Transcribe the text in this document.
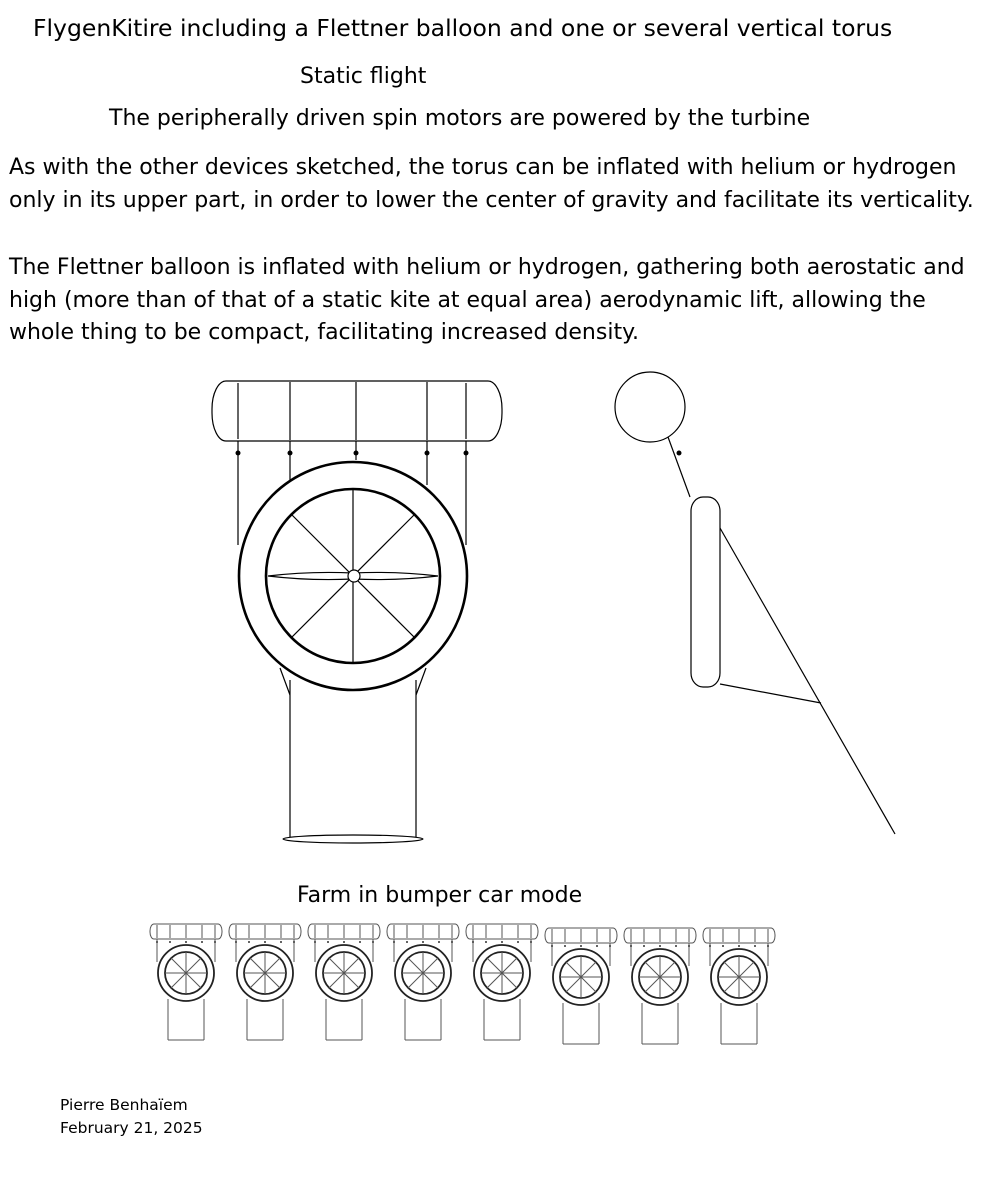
FlygenKitire including a Flettner balloon and one or several vertical torus

Static flight

The peripherally driven spin motors are powered by the turbine

As with the other devices sketched, the torus can be inflated with helium or hydrogen
only in its upper part, in order to lower the center of gravity and facilitate its verticality.
The Flettner balloon is inflated with helium or hydrogen, gathering both aerostatic and
high (more than of that of a static kite at equal area) aerodynamic lift, allowing the
whole thing to be compact, facilitating increased density.

Farm in bumper car mode

Pierre Benhaïem
February 21, 2025
